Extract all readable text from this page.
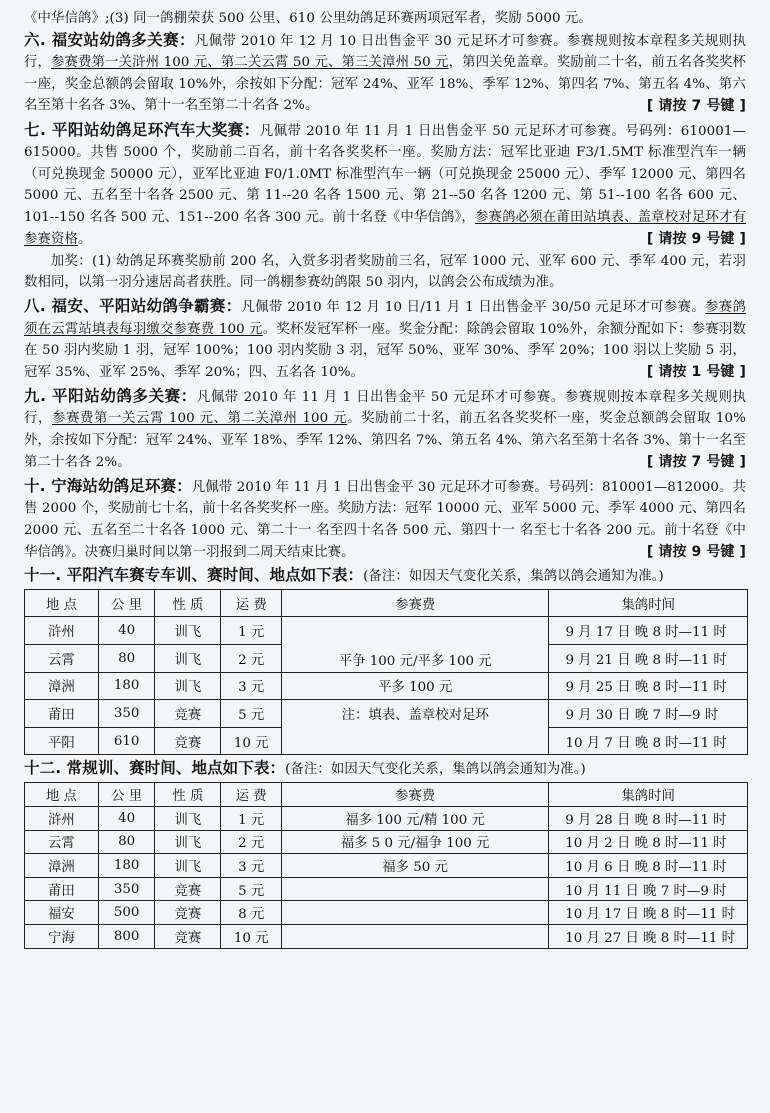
《中华信鸽》;(3) 同一鸽棚荣获 500 公里、610 公里幼鸽足环赛两项冠军者，奖励 5000 元。

六. 福安站幼鸽多关赛：凡佩带 2010 年 12 月 10 日出售金平 30 元足环才可参赛。参赛规则按本章程多关规则执行，参赛费第一关浒州 100 元、第二关云霄 50 元、第三关漳州 50 元，第四关免盖章。奖励前二十名，前五名各奖奖杯一座，奖金总额鸽会留取 10%外，余按如下分配：冠军 24%、亚军 18%、季军 12%、第四名 7%、第五名 4%、第六名至第十名各 3%、第十一名至第二十名各 2%。	[ 请按 7 号键 ]

七. 平阳站幼鸽足环汽车大奖赛：凡佩带 2010 年 11 月 1 日出售金平 50 元足环才可参赛。号码列：610001—615000。共售 5000 个，奖励前二百名，前十名各奖奖杯一座。奖励方法：冠军比亚迪 F3/1.5MT 标准型汽车一辆（可兑换现金 50000 元），亚军比亚迪 F0/1.0MT 标准型汽车一辆（可兑换现金 25000 元）、季军 12000 元、第四名 5000 元、五名至十名各 2500 元、第 11--20 名各 1500 元、第 21--50 名各 1200 元、第 51--100 名各 600 元、101--150 名各 500 元、151--200 名各 300 元。前十名登《中华信鸽》，参赛鸽必须在莆田站填表、盖章校对足环才有参赛资格。	[ 请按 9 号键 ]

加奖：(1) 幼鸽足环赛奖励前 200 名，入赏多羽者奖励前三名，冠军 1000 元、亚军 600 元、季军 400 元，若羽数相同，以第一羽分速居高者获胜。同一鸽棚参赛幼鸽限 50 羽内，以鸽会公布成绩为准。

八. 福安、平阳站幼鸽争霸赛：凡佩带 2010 年 12 月 10 日/11 月 1 日出售金平 30/50 元足环才可参赛。参赛鸽须在云霄站填表每羽缴交参赛费 100 元。奖杯发冠军杯一座。奖金分配：除鸽会留取 10%外，余额分配如下：参赛羽数在 50 羽内奖励 1 羽，冠军 100%；100 羽内奖励 3 羽，冠军 50%、亚军 30%、季军 20%；100 羽以上奖励 5 羽，冠军 35%、亚军 25%、季军 20%；四、五名各 10%。	[ 请按 1 号键 ]

九. 平阳站幼鸽多关赛：凡佩带 2010 年 11 月 1 日出售金平 50 元足环才可参赛。参赛规则按本章程多关规则执行，参赛费第一关云霄 100 元、第二关漳州 100 元。奖励前二十名，前五名各奖奖杯一座，奖金总额鸽会留取 10%外，余按如下分配：冠军 24%、亚军 18%、季军 12%、第四名 7%、第五名 4%、第六名至第十名各 3%、第十一名至第二十名各 2%。	[ 请按 7 号键 ]

十. 宁海站幼鸽足环赛：凡佩带 2010 年 11 月 1 日出售金平 30 元足环才可参赛。号码列：810001—812000。共售 2000 个，奖励前七十名，前十名各奖奖杯一座。奖励方法：冠军 10000 元、亚军 5000 元、季军 4000 元、第四名 2000 元、五名至二十名各 1000 元、第二十一 名至四十名各 500 元、第四十一 名至七十名各 200 元。前十名登《中华信鸽》。决赛归巢时间以第一羽报到二周天结束比赛。	[ 请按 9 号键 ]

十一. 平阳汽车赛专车训、赛时间、地点如下表：(备注：如因天气变化关系，集鸽以鸽会通知为准。)

地 点	公 里	性 质	运 费	参赛费	集鸽时间
浒州	40	训飞	1 元	平争 100 元/平多 100 元	9 月 17 日 晚 8 时—11 时
云霄	80	训飞	2 元		9 月 21 日 晚 8 时—11 时
漳洲	180	训飞	3 元	平多 100 元	9 月 25 日 晚 8 时—11 时
莆田	350	竞赛	5 元	注：填表、盖章校对足环	9 月 30 日 晚 7 时—9 时
平阳	610	竞赛	10 元		10 月 7 日 晚 8 时—11 时

十二. 常规训、赛时间、地点如下表：(备注：如因天气变化关系，集鸽以鸽会通知为准。)

地 点	公 里	性 质	运 费	参赛费	集鸽时间
浒州	40	训飞	1 元	福多 100 元/精 100 元	9 月 28 日 晚 8 时—11 时
云霄	80	训飞	2 元	福多 5 0 元/福争 100 元	10 月 2 日 晚 8 时—11 时
漳洲	180	训飞	3 元	福多 50 元	10 月 6 日 晚 8 时—11 时
莆田	350	竞赛	5 元		10 月 11 日 晚 7 时—9 时
福安	500	竞赛	8 元		10 月 17 日 晚 8 时—11 时
宁海	800	竞赛	10 元		10 月 27 日 晚 8 时—11 时
